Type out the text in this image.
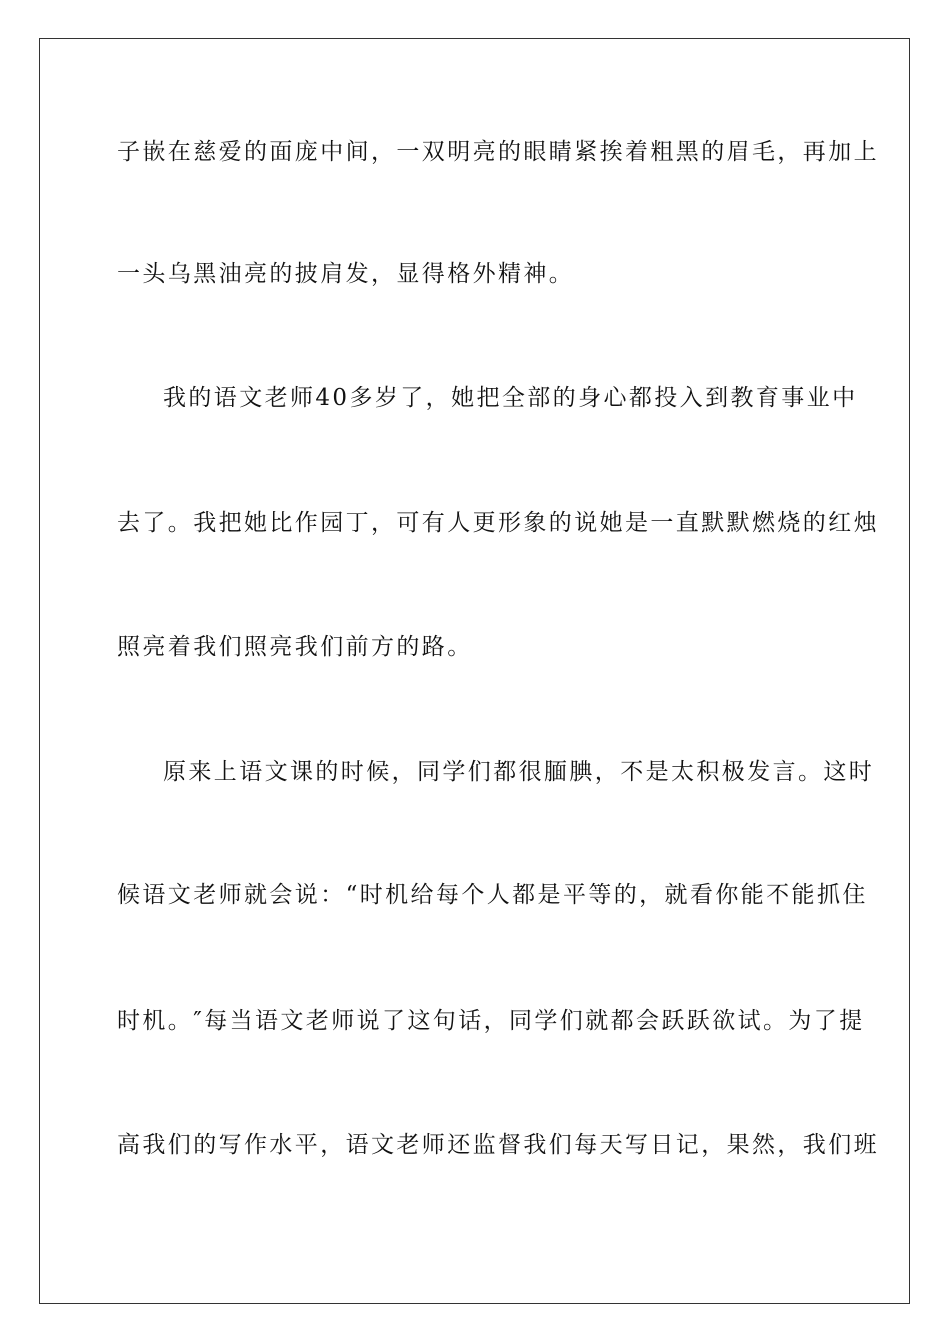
子嵌在慈爱的面庞中间，一双明亮的眼睛紧挨着粗黑的眉毛，再加上
一头乌黑油亮的披肩发，显得格外精神。
我的语文老师40多岁了，她把全部的身心都投入到教育事业中
去了。我把她比作园丁，可有人更形象的说她是一直默默燃烧的红烛
照亮着我们照亮我们前方的路。
原来上语文课的时候，同学们都很腼腆，不是太积极发言。这时
候语文老师就会说：“时机给每个人都是平等的，就看你能不能抓住
时机。″每当语文老师说了这句话，同学们就都会跃跃欲试。为了提
高我们的写作水平，语文老师还监督我们每天写日记，果然，我们班
